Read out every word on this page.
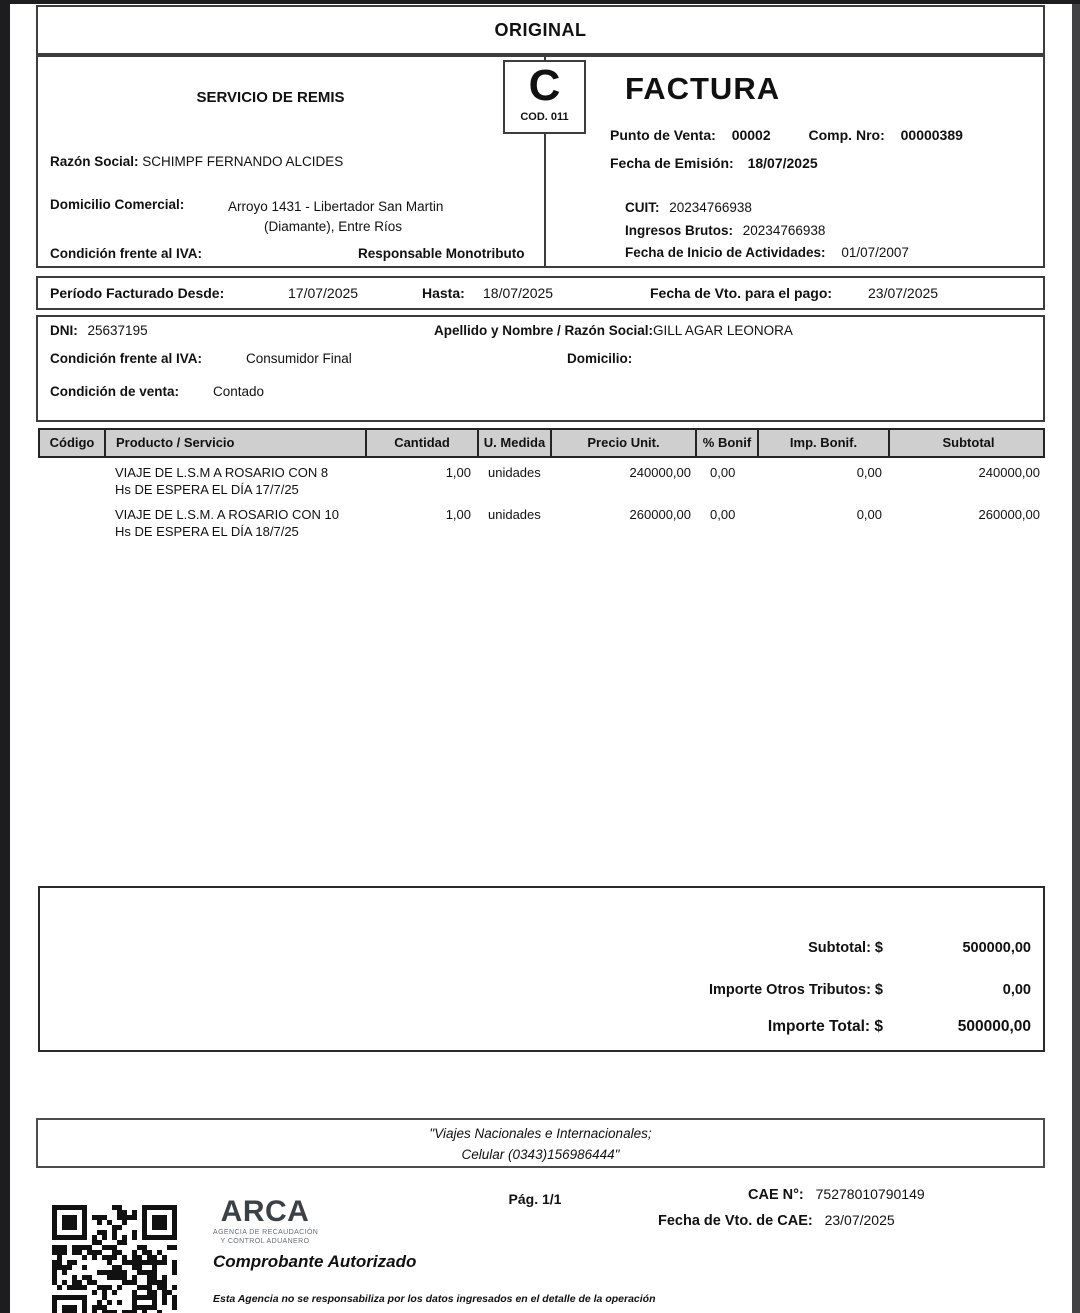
ORIGINAL
C
COD. 011
SERVICIO DE REMIS
Razón Social: SCHIMPF FERNANDO ALCIDES
Domicilio Comercial:	Arroyo 1431 - Libertador San Martin
(Diamante), Entre Ríos
Condición frente al IVA:	Responsable Monotributo
FACTURA
Punto de Venta: 00002	Comp. Nro: 00000389
Fecha de Emisión: 18/07/2025
CUIT: 20234766938
Ingresos Brutos: 20234766938
Fecha de Inicio de Actividades: 01/07/2007
Período Facturado Desde:	17/07/2025	Hasta: 18/07/2025	Fecha de Vto. para el pago:	23/07/2025
DNI: 25637195	Apellido y Nombre / Razón Social:GILL AGAR LEONORA
Condición frente al IVA:	Consumidor Final	Domicilio:
Condición de venta:	Contado
Código	Producto / Servicio	Cantidad	U. Medida	Precio Unit.	% Bonif	Imp. Bonif.	Subtotal
VIAJE DE L.S.M A ROSARIO CON 8
Hs DE ESPERA EL DÍA 17/7/25
1,00	unidades	240000,00	0,00	0,00	240000,00
VIAJE DE L.S.M. A ROSARIO CON 10
Hs DE ESPERA EL DÍA 18/7/25
1,00	unidades	260000,00	0,00	0,00	260000,00
Subtotal: $	500000,00
Importe Otros Tributos: $	0,00
Importe Total: $	500000,00
"Viajes Nacionales e Internacionales;
Celular (0343)156986444"
ARCA
AGENCIA DE RECAUDACIÓN
Y CONTROL ADUANERO
Pág. 1/1	CAE N°: 75278010790149
Fecha de Vto. de CAE: 23/07/2025
Comprobante Autorizado
Esta Agencia no se responsabiliza por los datos ingresados en el detalle de la operación
